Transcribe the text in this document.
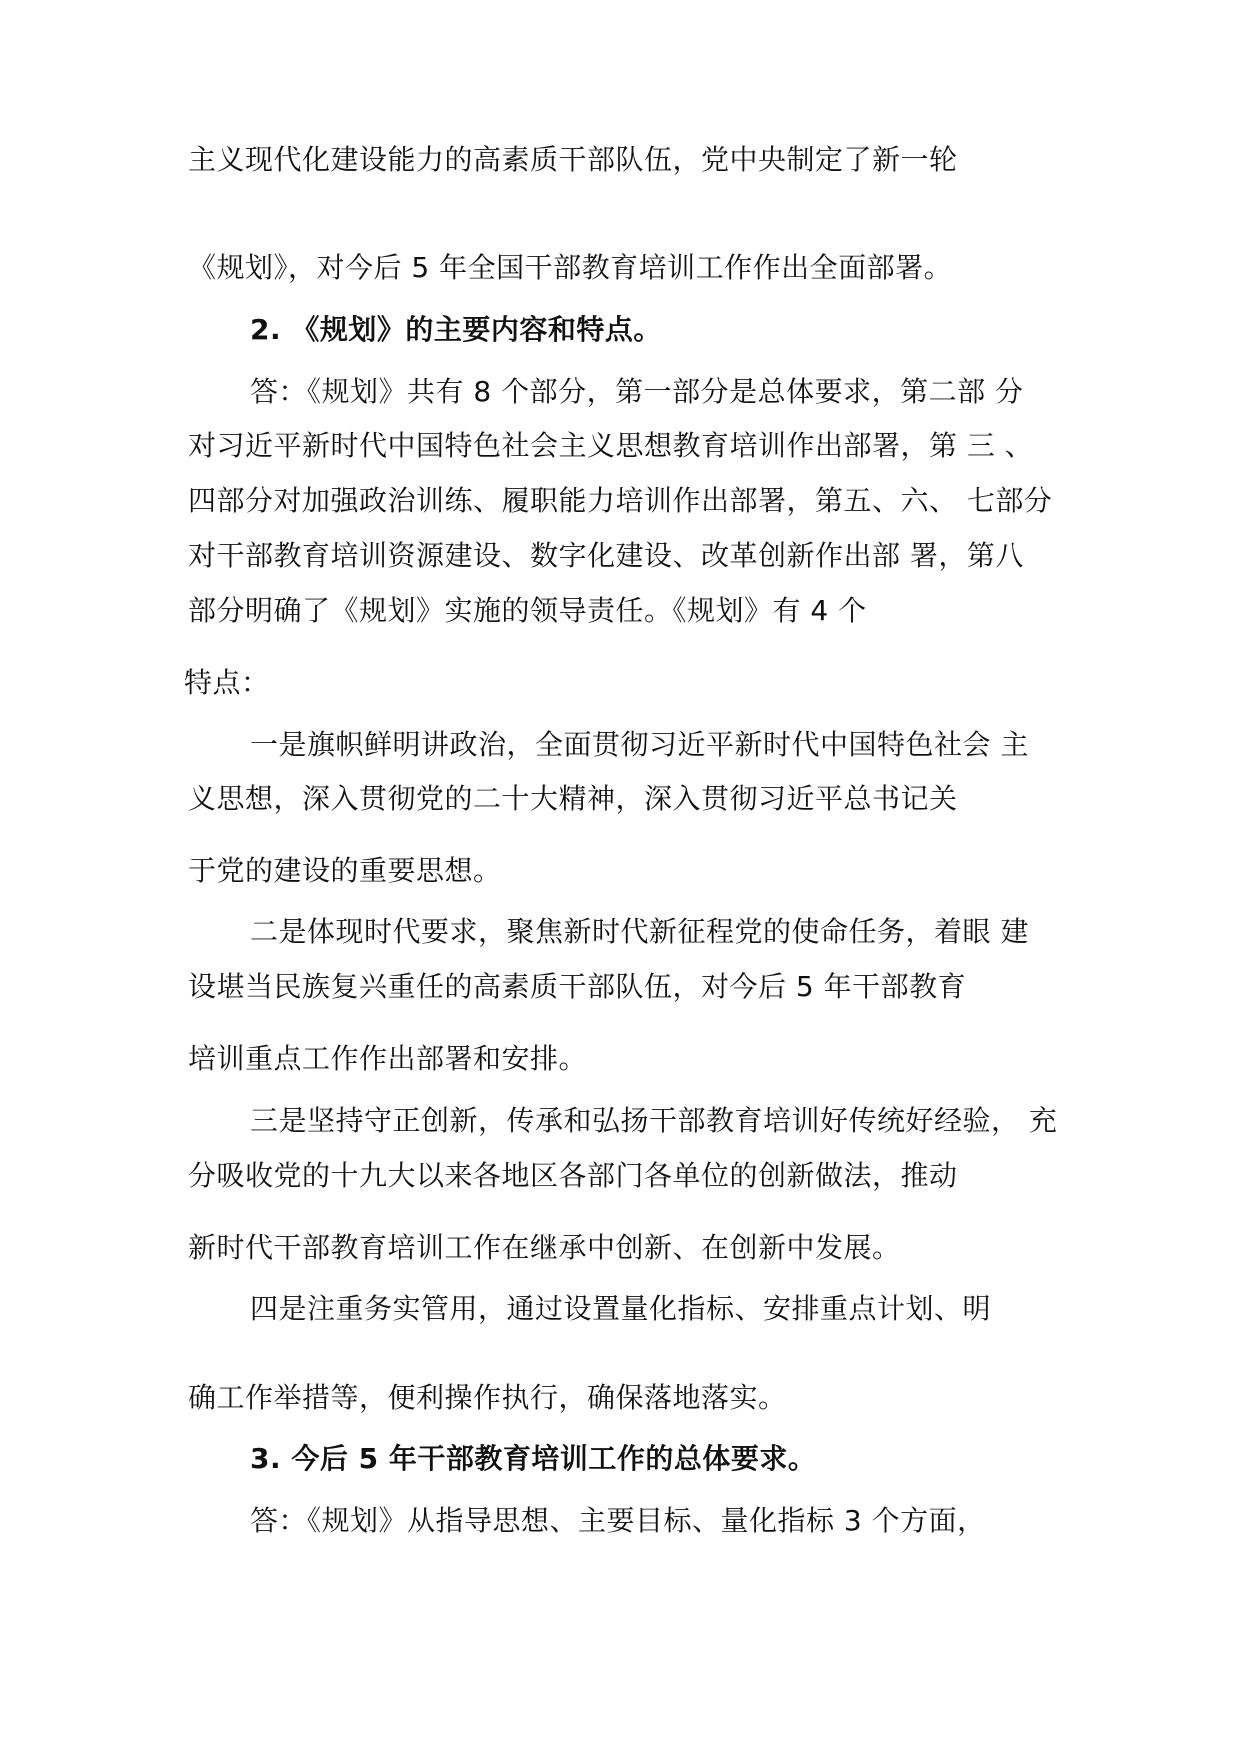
主义现代化建设能力的高素质干部队伍，党中央制定了新一轮
《规划》，对今后 5 年全国干部教育培训工作作出全面部署。
2. 《规划》的主要内容和特点。
答：《规划》共有 8 个部分，第一部分是总体要求，第二部 分
对习近平新时代中国特色社会主义思想教育培训作出部署，第 三 、
四部分对加强政治训练、履职能力培训作出部署，第五、六、 七部分
对干部教育培训资源建设、数字化建设、改革创新作出部 署，第八
部分明确了《规划》实施的领导责任。《规划》有 4 个
特点：
一是旗帜鲜明讲政治，全面贯彻习近平新时代中国特色社会 主
义思想，深入贯彻党的二十大精神，深入贯彻习近平总书记关
于党的建设的重要思想。
二是体现时代要求，聚焦新时代新征程党的使命任务，着眼 建
设堪当民族复兴重任的高素质干部队伍，对今后 5 年干部教育
培训重点工作作出部署和安排。
三是坚持守正创新，传承和弘扬干部教育培训好传统好经验， 充
分吸收党的十九大以来各地区各部门各单位的创新做法，推动
新时代干部教育培训工作在继承中创新、在创新中发展。
四是注重务实管用，通过设置量化指标、安排重点计划、明
确工作举措等，便利操作执行，确保落地落实。
3. 今后 5 年干部教育培训工作的总体要求。
答：《规划》从指导思想、主要目标、量化指标 3 个方面，
